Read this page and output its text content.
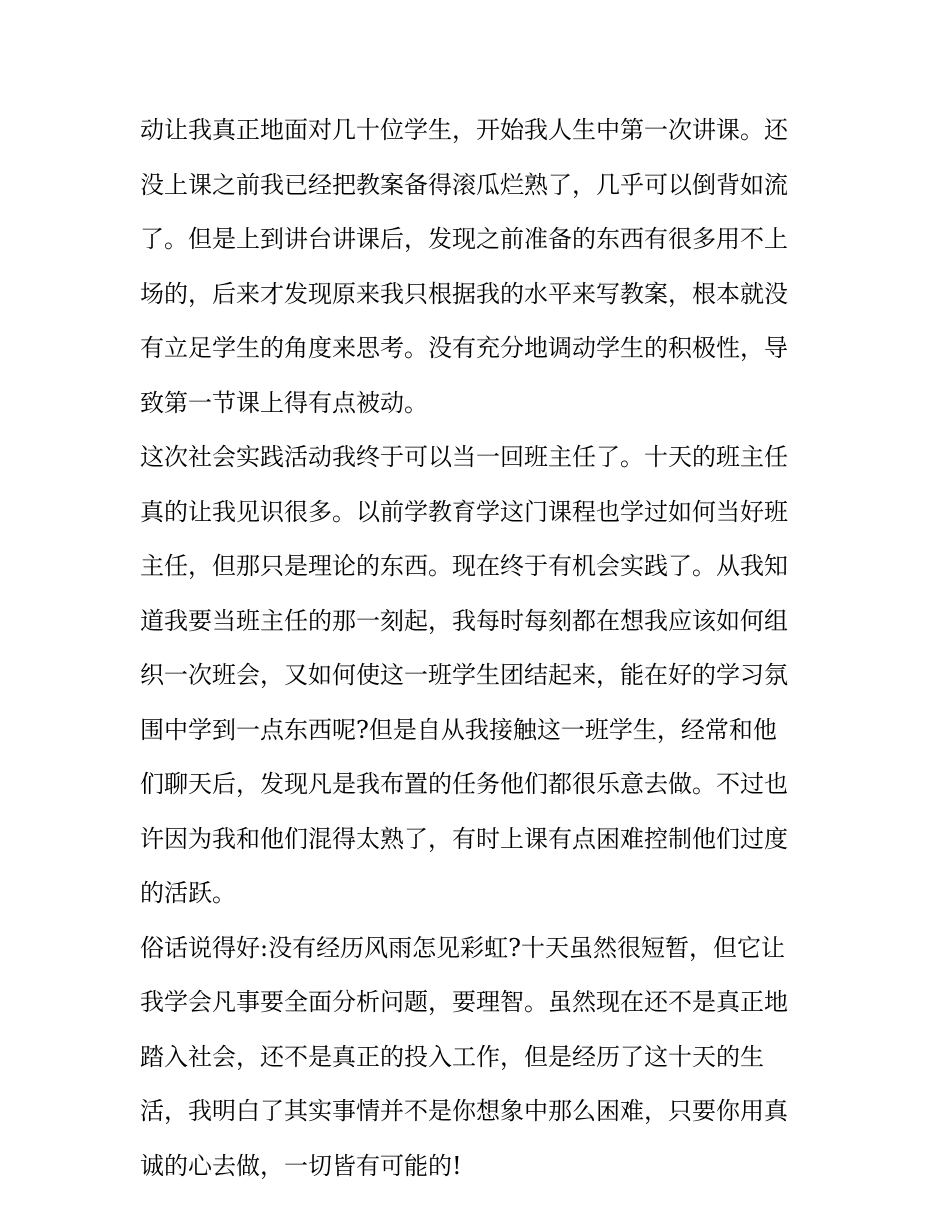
动让我真正地面对几十位学生，开始我人生中第一次讲课。还

没上课之前我已经把教案备得滚瓜烂熟了，几乎可以倒背如流

了。但是上到讲台讲课后，发现之前准备的东西有很多用不上

场的，后来才发现原来我只根据我的水平来写教案，根本就没

有立足学生的角度来思考。没有充分地调动学生的积极性，导

致第一节课上得有点被动。

这次社会实践活动我终于可以当一回班主任了。十天的班主任

真的让我见识很多。以前学教育学这门课程也学过如何当好班

主任，但那只是理论的东西。现在终于有机会实践了。从我知

道我要当班主任的那一刻起，我每时每刻都在想我应该如何组

织一次班会，又如何使这一班学生团结起来，能在好的学习氛

围中学到一点东西呢?但是自从我接触这一班学生，经常和他

们聊天后，发现凡是我布置的任务他们都很乐意去做。不过也

许因为我和他们混得太熟了，有时上课有点困难控制他们过度

的活跃。

俗话说得好:没有经历风雨怎见彩虹?十天虽然很短暂，但它让

我学会凡事要全面分析问题，要理智。虽然现在还不是真正地

踏入社会，还不是真正的投入工作，但是经历了这十天的生

活，我明白了其实事情并不是你想象中那么困难，只要你用真

诚的心去做，一切皆有可能的!
